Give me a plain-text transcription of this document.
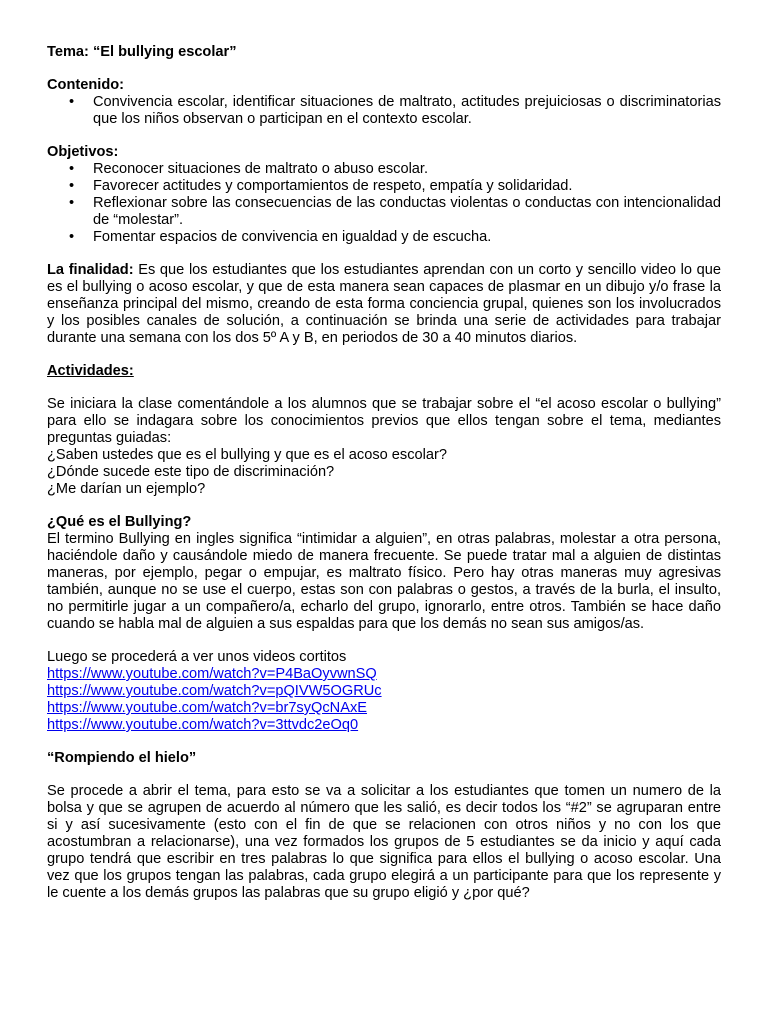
Tema: “El bullying escolar”

Contenido:

• Convivencia escolar, identificar situaciones de maltrato, actitudes prejuiciosas o discriminatorias que los niños observan o participan en el contexto escolar.

Objetivos:

• Reconocer situaciones de maltrato o abuso escolar.
• Favorecer actitudes y comportamientos de respeto, empatía y solidaridad.
• Reflexionar sobre las consecuencias de las conductas violentas o conductas con intencionalidad de “molestar”.
• Fomentar espacios de convivencia en igualdad y de escucha.

La finalidad: Es que los estudiantes que los estudiantes aprendan con un corto y sencillo video lo que es el bullying o acoso escolar, y que de esta manera sean capaces de plasmar en un dibujo y/o frase la enseñanza principal del mismo, creando de esta forma conciencia grupal, quienes son los involucrados y los posibles canales de solución, a continuación se brinda una serie de actividades para trabajar durante una semana con los dos 5º A y B, en periodos de 30 a 40 minutos diarios.

Actividades:

Se iniciara la clase comentándole a los alumnos que se trabajar sobre el “el acoso escolar o bullying” para ello se indagara sobre los conocimientos previos que ellos tengan sobre el tema, mediantes preguntas guiadas:

¿Saben ustedes que es el bullying y que es el acoso escolar?
¿Dónde sucede este tipo de discriminación?
¿Me darían un ejemplo?

¿Qué es el Bullying?

El termino Bullying en ingles significa “intimidar a alguien”, en otras palabras, molestar a otra persona, haciéndole daño y causándole miedo de manera frecuente. Se puede tratar mal a alguien de distintas maneras, por ejemplo, pegar o empujar, es maltrato físico. Pero hay otras maneras muy agresivas también, aunque no se use el cuerpo, estas son con palabras o gestos, a través de la burla, el insulto, no permitirle jugar a un compañero/a, echarlo del grupo, ignorarlo, entre otros. También se hace daño cuando se habla mal de alguien a sus espaldas para que los demás no sean sus amigos/as.

Luego se procederá a ver unos videos cortitos

https://www.youtube.com/watch?v=P4BaOyvwnSQ
https://www.youtube.com/watch?v=pQIVW5OGRUc
https://www.youtube.com/watch?v=br7syQcNAxE
https://www.youtube.com/watch?v=3ttvdc2eOq0

“Rompiendo el hielo”

Se procede a abrir el tema, para esto se va a solicitar a los estudiantes que tomen un numero de la bolsa y que se agrupen de acuerdo al número que les salió, es decir todos los “#2” se agruparan entre si y así sucesivamente (esto con el fin de que se relacionen con otros niños y no con los que acostumbran a relacionarse), una vez formados los grupos de 5 estudiantes se da inicio y aquí cada grupo tendrá que escribir en tres palabras lo que significa para ellos el bullying o acoso escolar. Una vez que los grupos tengan las palabras, cada grupo elegirá a un participante para que los represente y le cuente a los demás grupos las palabras que su grupo eligió y ¿por qué?
